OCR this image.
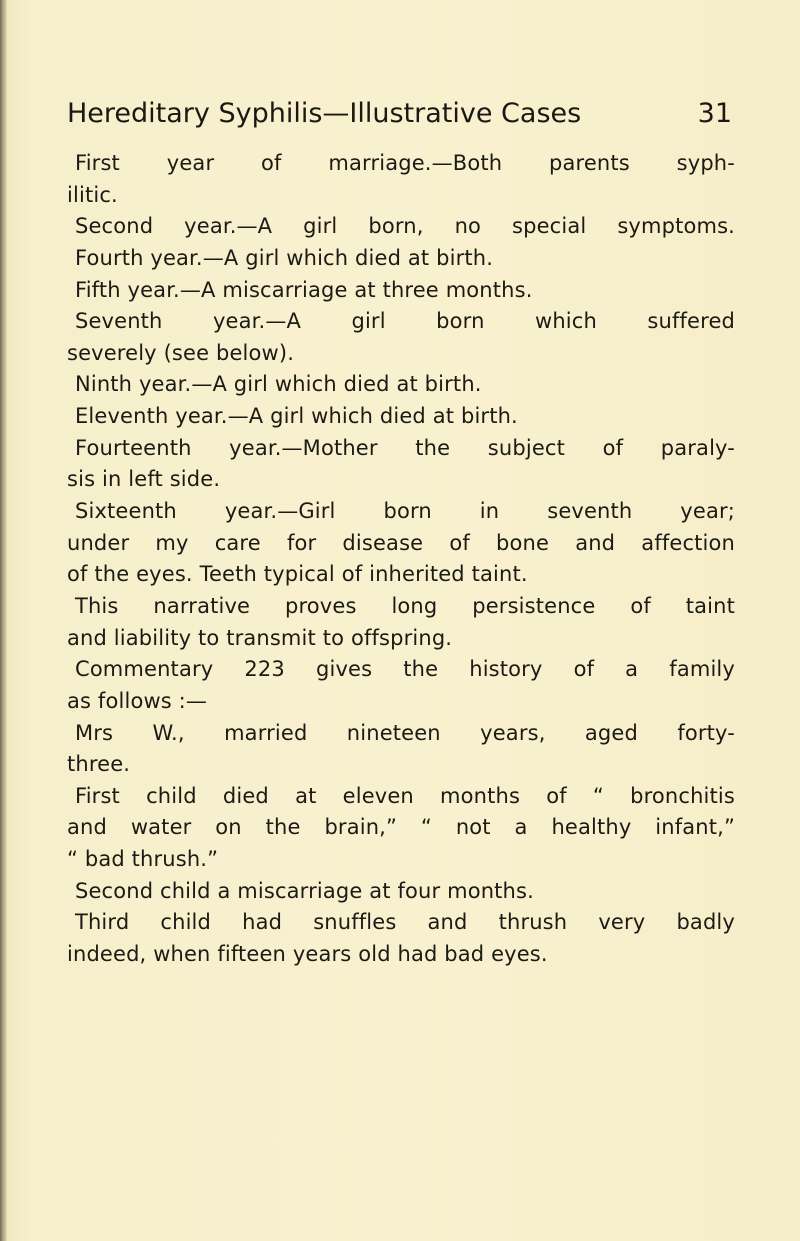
Hereditary Syphilis—Illustrative Cases	31
First year of marriage.—Both parents syph-
ilitic.
Second year.—A girl born, no special symptoms.
Fourth year.—A girl which died at birth.
Fifth year.—A miscarriage at three months.
Seventh year.—A girl born which suffered
severely (see below).
Ninth year.—A girl which died at birth.
Eleventh year.—A girl which died at birth.
Fourteenth year.—Mother the subject of paraly-
sis in left side.
Sixteenth year.—Girl born in seventh year;
under my care for disease of bone and affection
of the eyes. Teeth typical of inherited taint.
This narrative proves long persistence of taint
and liability to transmit to offspring.
Commentary 223 gives the history of a family
as follows :—
Mrs W., married nineteen years, aged forty-
three.
First child died at eleven months of “ bronchitis
and water on the brain,” “ not a healthy infant,”
“ bad thrush.”
Second child a miscarriage at four months.
Third child had snuffles and thrush very badly
indeed, when fifteen years old had bad eyes.
